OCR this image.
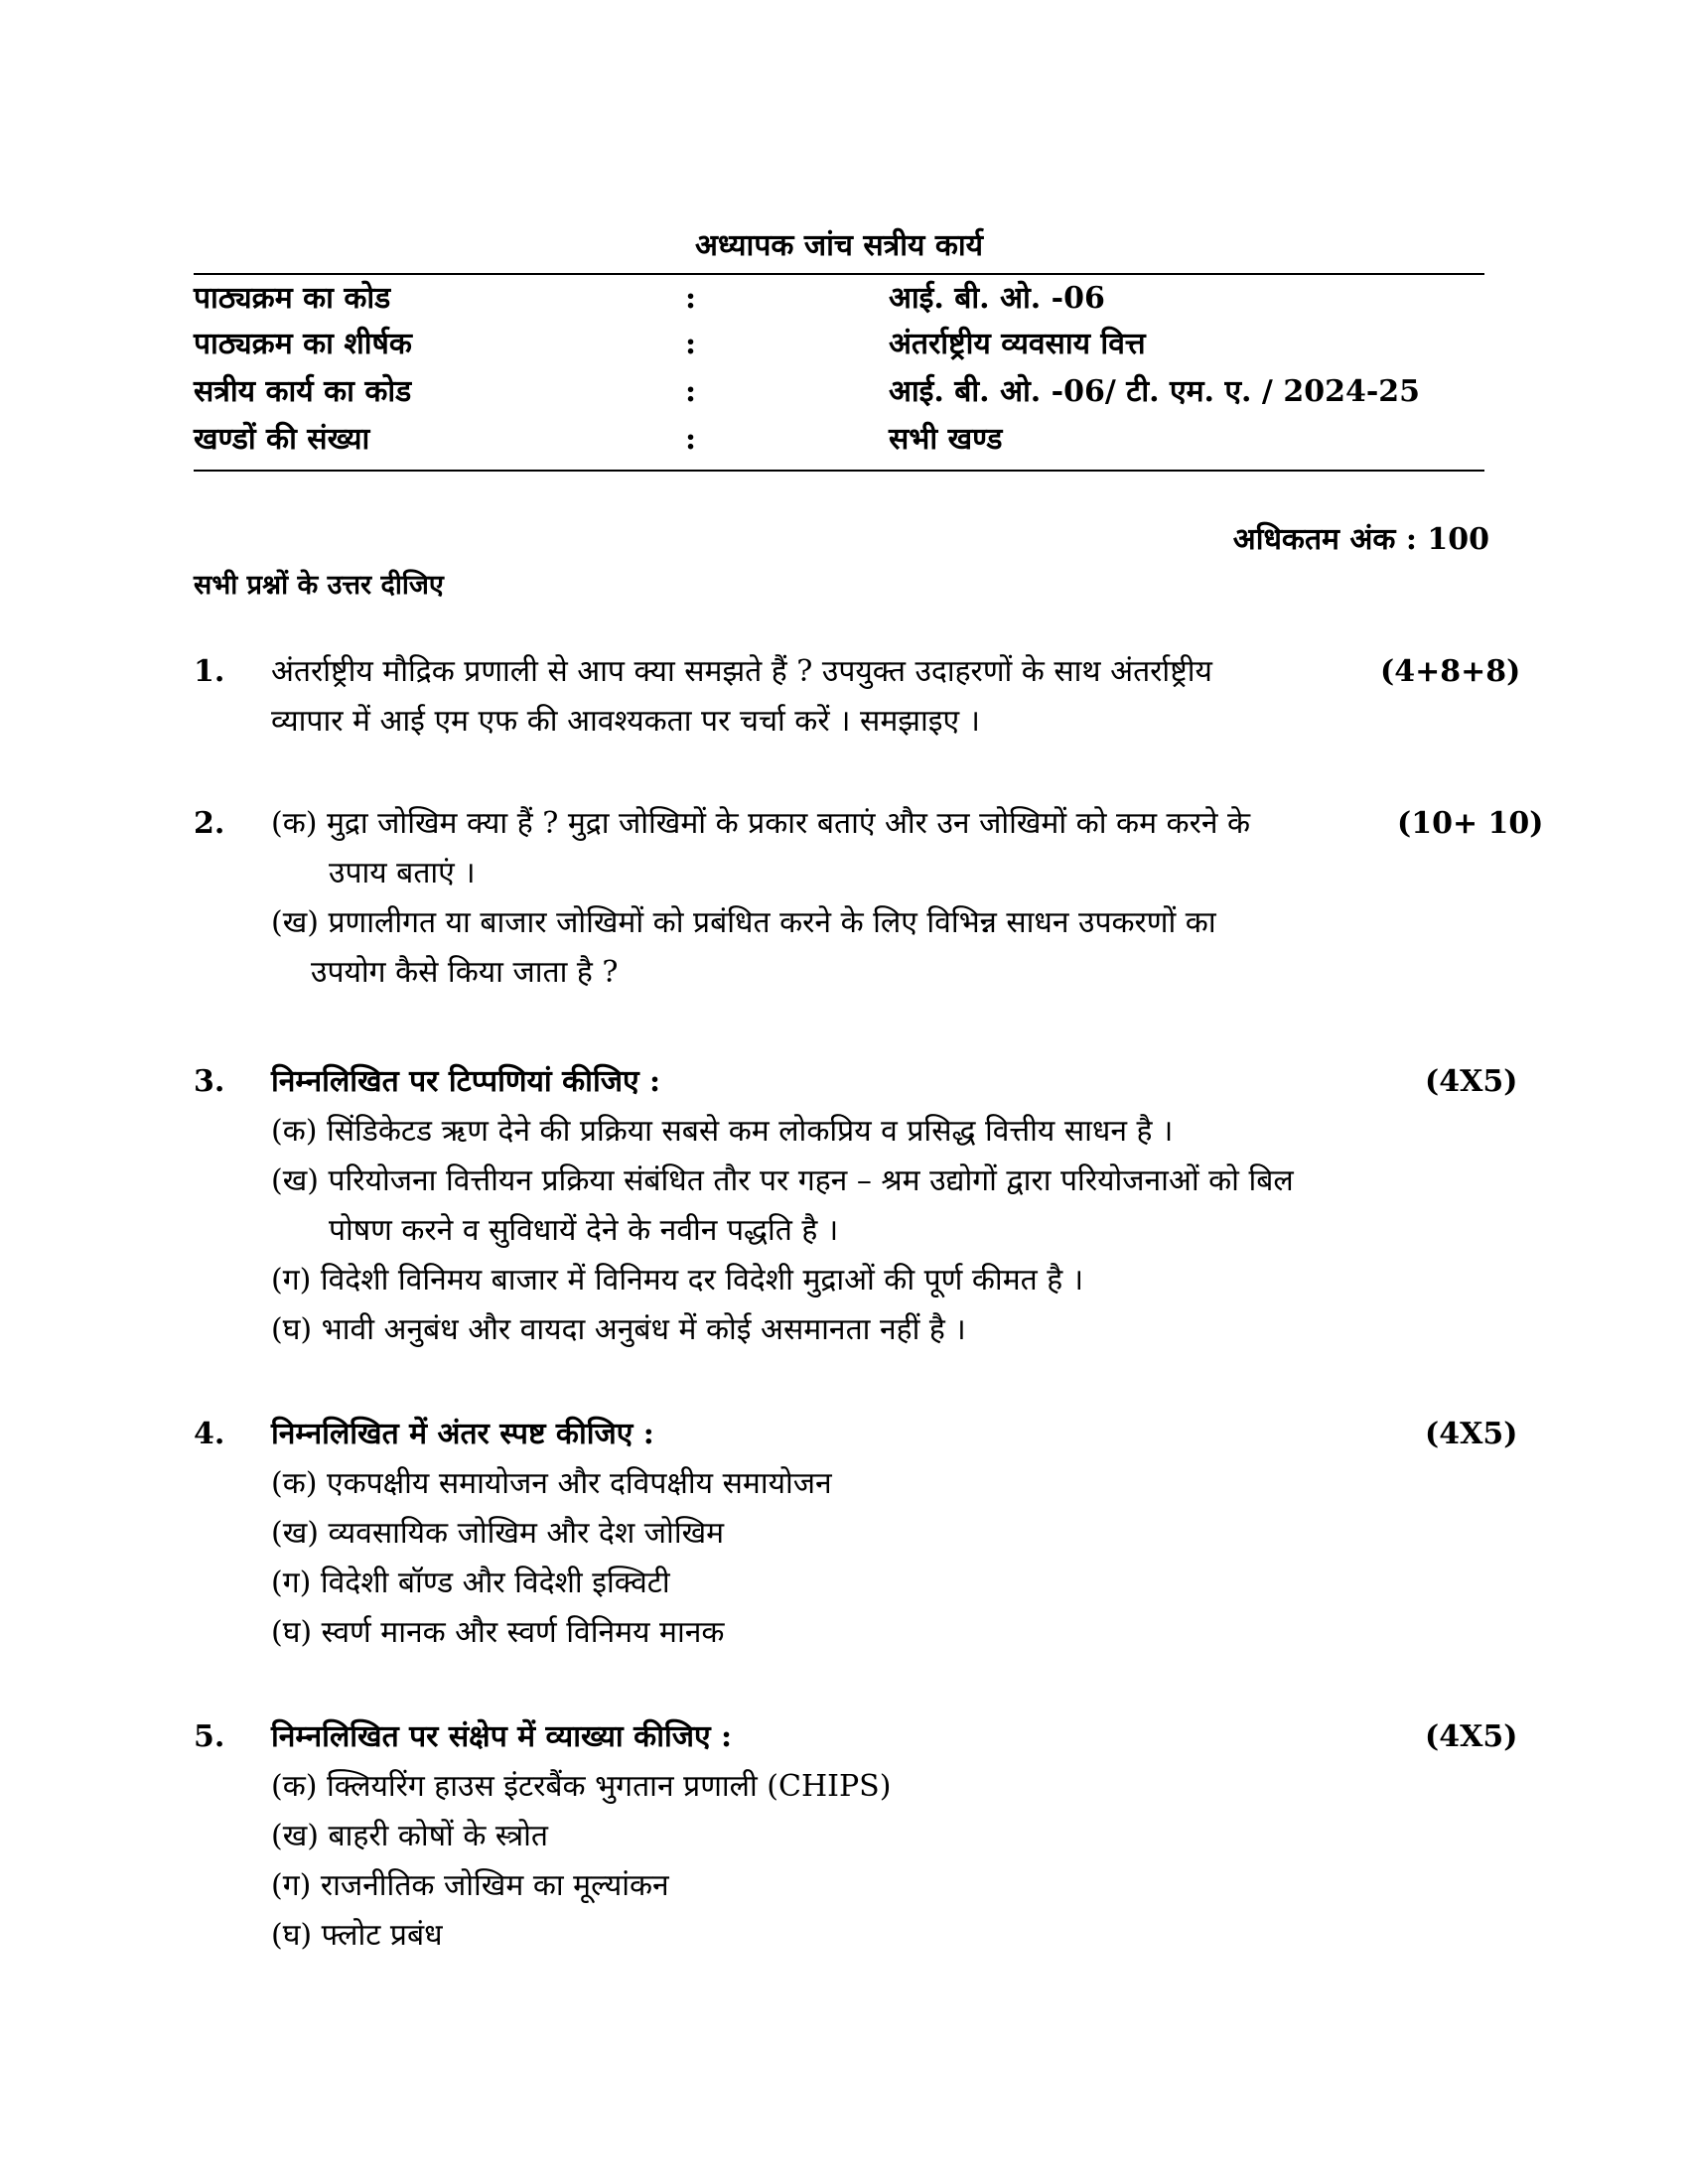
अध्यापक जांच सत्रीय कार्य
पाठ्यक्रम का कोड	:	आई. बी. ओ. -06
पाठ्यक्रम का शीर्षक	:	अंतर्राष्ट्रीय व्यवसाय वित्त
सत्रीय कार्य का कोड	:	आई. बी. ओ. -06/ टी. एम. ए. / 2024-25
खण्डों की संख्या	:	सभी खण्ड
अधिकतम अंक : 100
सभी प्रश्नों के उत्तर दीजिए
1.	(4+8+8)
अंतर्राष्ट्रीय मौद्रिक प्रणाली से आप क्या समझते हैं ? उपयुक्त उदाहरणों के साथ अंतर्राष्ट्रीय
व्यापार में आई एम एफ की आवश्यकता पर चर्चा करें । समझाइए ।
2.	(10+ 10)
(क) मुद्रा जोखिम क्या हैं ? मुद्रा जोखिमों के प्रकार बताएं और उन जोखिमों को कम करने के
उपाय बताएं ।
(ख) प्रणालीगत या बाजार जोखिमों को प्रबंधित करने के लिए विभिन्न साधन उपकरणों का
उपयोग कैसे किया जाता है ?
3.	(4X5)
निम्नलिखित पर टिप्पणियां कीजिए :
(क) सिंडिकेटड ऋण देने की प्रक्रिया सबसे कम लोकप्रिय व प्रसिद्ध वित्तीय साधन है ।
(ख) परियोजना वित्तीयन प्रक्रिया संबंधित तौर पर गहन – श्रम उद्योगों द्वारा परियोजनाओं को बिल
पोषण करने व सुविधायें देने के नवीन पद्धति है ।
(ग) विदेशी विनिमय बाजार में विनिमय दर विदेशी मुद्राओं की पूर्ण कीमत है ।
(घ) भावी अनुबंध और वायदा अनुबंध में कोई असमानता नहीं है ।
4.	(4X5)
निम्नलिखित में अंतर स्पष्ट कीजिए :
(क) एकपक्षीय समायोजन और दविपक्षीय समायोजन
(ख) व्यवसायिक जोखिम और देश जोखिम
(ग) विदेशी बॉण्ड और विदेशी इक्विटी
(घ) स्वर्ण मानक और स्वर्ण विनिमय मानक
5.	(4X5)
निम्नलिखित पर संक्षेप में व्याख्या कीजिए :
(क) क्लियरिंग हाउस इंटरबैंक भुगतान प्रणाली (CHIPS)
(ख) बाहरी कोषों के स्त्रोत
(ग) राजनीतिक जोखिम का मूल्यांकन
(घ) फ्लोट प्रबंध
